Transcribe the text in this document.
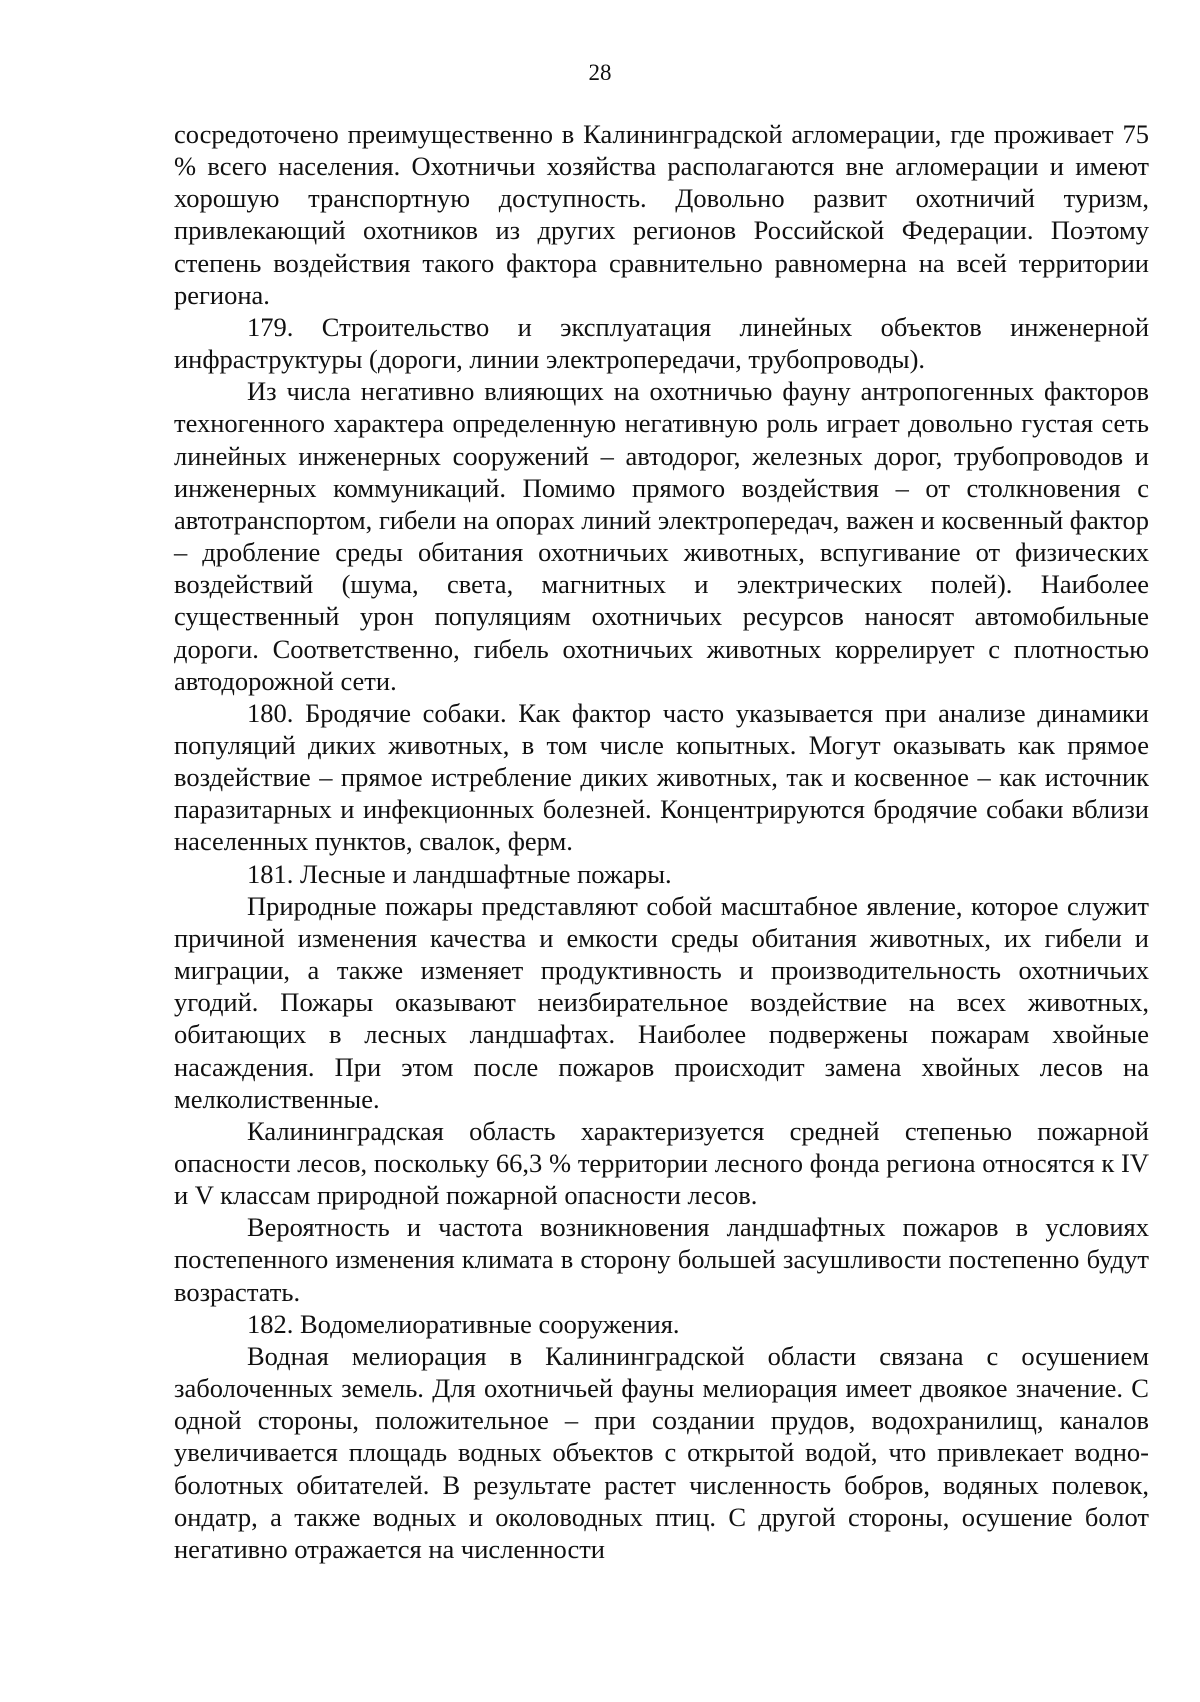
28

сосредоточено преимущественно в Калининградской агломерации, где проживает 75 % всего населения. Охотничьи хозяйства располагаются вне агломерации и имеют хорошую транспортную доступность. Довольно развит охотничий туризм, привлекающий охотников из других регионов Российской Федерации. Поэтому степень воздействия такого фактора сравнительно равномерна на всей территории региона.

179. Строительство и эксплуатация линейных объектов инженерной инфраструктуры (дороги, линии электропередачи, трубопроводы).

Из числа негативно влияющих на охотничью фауну антропогенных факторов техногенного характера определенную негативную роль играет довольно густая сеть линейных инженерных сооружений – автодорог, железных дорог, трубопроводов и инженерных коммуникаций. Помимо прямого воздействия – от столкновения с автотранспортом, гибели на опорах линий электропередач, важен и косвенный фактор – дробление среды обитания охотничьих животных, вспугивание от физических воздействий (шума, света, магнитных и электрических полей). Наиболее существенный урон популяциям охотничьих ресурсов наносят автомобильные дороги. Соответственно, гибель охотничьих животных коррелирует с плотностью автодорожной сети.

180. Бродячие собаки. Как фактор часто указывается при анализе динамики популяций диких животных, в том числе копытных. Могут оказывать как прямое воздействие – прямое истребление диких животных, так и косвенное – как источник паразитарных и инфекционных болезней. Концентрируются бродячие собаки вблизи населенных пунктов, свалок, ферм.

181. Лесные и ландшафтные пожары.

Природные пожары представляют собой масштабное явление, которое служит причиной изменения качества и емкости среды обитания животных, их гибели и миграции, а также изменяет продуктивность и производительность охотничьих угодий. Пожары оказывают неизбирательное воздействие на всех животных, обитающих в лесных ландшафтах. Наиболее подвержены пожарам хвойные насаждения. При этом после пожаров происходит замена хвойных лесов на мелколиственные.

Калининградская область характеризуется средней степенью пожарной опасности лесов, поскольку 66,3 % территории лесного фонда региона относятся к IV и V классам природной пожарной опасности лесов.

Вероятность и частота возникновения ландшафтных пожаров в условиях постепенного изменения климата в сторону большей засушливости постепенно будут возрастать.

182. Водомелиоративные сооружения.

Водная мелиорация в Калининградской области связана с осушением заболоченных земель. Для охотничьей фауны мелиорация имеет двоякое значение. С одной стороны, положительное – при создании прудов, водохранилищ, каналов увеличивается площадь водных объектов с открытой водой, что привлекает водно-болотных обитателей. В результате растет численность бобров, водяных полевок, ондатр, а также водных и околоводных птиц. С другой стороны, осушение болот негативно отражается на численности
